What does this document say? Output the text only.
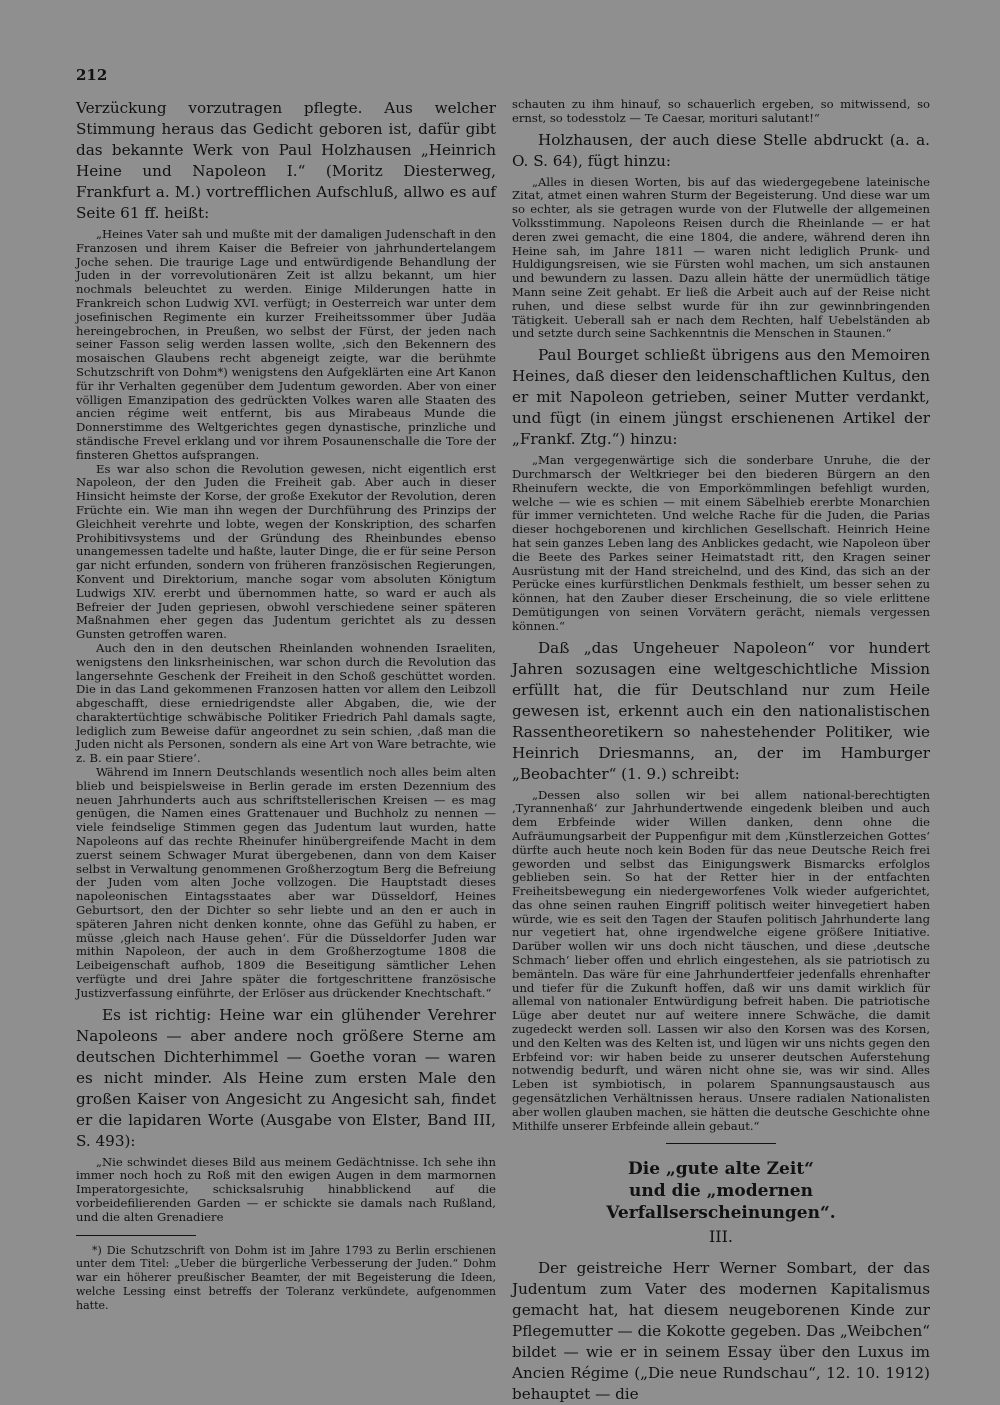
212

Verzückung vorzutragen pflegte. Aus welcher Stimmung heraus das Gedicht geboren ist, dafür gibt das bekannte Werk von Paul Holzhausen „Heinrich Heine und Napoleon I.“ (Moritz Diesterweg, Frankfurt a. M.) vortrefflichen Aufschluß, allwo es auf Seite 61 ff. heißt:

„Heines Vater sah und mußte mit der damaligen Judenschaft in den Franzosen und ihrem Kaiser die Befreier von jahrhundertelangem Joche sehen. Die traurige Lage und entwürdigende Behandlung der Juden in der vorrevolutionären Zeit ist allzu bekannt, um hier nochmals beleuchtet zu werden. Einige Milderungen hatte in Frankreich schon Ludwig XVI. verfügt; in Oesterreich war unter dem josefinischen Regimente ein kurzer Freiheitssommer über Judäa hereingebrochen, in Preußen, wo selbst der Fürst, der jeden nach seiner Fasson selig werden lassen wollte, ‚sich den Bekennern des mosaischen Glaubens recht abgeneigt zeigte, war die berühmte Schutzschrift von Dohm*) wenigstens den Aufgeklärten eine Art Kanon für ihr Verhalten gegenüber dem Judentum geworden. Aber von einer völligen Emanzipation des gedrückten Volkes waren alle Staaten des ancien régime weit entfernt, bis aus Mirabeaus Munde die Donnerstimme des Weltgerichtes gegen dynastische, prinzliche und ständische Frevel erklang und vor ihrem Posaunenschalle die Tore der finsteren Ghettos aufsprangen.

Es war also schon die Revolution gewesen, nicht eigentlich erst Napoleon, der den Juden die Freiheit gab. Aber auch in dieser Hinsicht heimste der Korse, der große Exekutor der Revolution, deren Früchte ein. Wie man ihn wegen der Durchführung des Prinzips der Gleichheit verehrte und lobte, wegen der Konskription, des scharfen Prohibitivsystems und der Gründung des Rheinbundes ebenso unangemessen tadelte und haßte, lauter Dinge, die er für seine Person gar nicht erfunden, sondern von früheren französischen Regierungen, Konvent und Direktorium, manche sogar vom absoluten Königtum Ludwigs XIV. ererbt und übernommen hatte, so ward er auch als Befreier der Juden gepriesen, obwohl verschiedene seiner späteren Maßnahmen eher gegen das Judentum gerichtet als zu dessen Gunsten getroffen waren.

Auch den in den deutschen Rheinlanden wohnenden Israeliten, wenigstens den linksrheinischen, war schon durch die Revolution das langersehnte Geschenk der Freiheit in den Schoß geschüttet worden. Die in das Land gekommenen Franzosen hatten vor allem den Leibzoll abgeschafft, diese erniedrigendste aller Abgaben, die, wie der charaktertüchtige schwäbische Politiker Friedrich Pahl damals sagte, lediglich zum Beweise dafür angeordnet zu sein schien, ‚daß man die Juden nicht als Personen, sondern als eine Art von Ware betrachte, wie z. B. ein paar Stiere‘.

Während im Innern Deutschlands wesentlich noch alles beim alten blieb und beispielsweise in Berlin gerade im ersten Dezennium des neuen Jahrhunderts auch aus schriftstellerischen Kreisen — es mag genügen, die Namen eines Grattenauer und Buchholz zu nennen — viele feindselige Stimmen gegen das Judentum laut wurden, hatte Napoleons auf das rechte Rheinufer hinübergreifende Macht in dem zuerst seinem Schwager Murat übergebenen, dann von dem Kaiser selbst in Verwaltung genommenen Großherzogtum Berg die Befreiung der Juden vom alten Joche vollzogen. Die Hauptstadt dieses napoleonischen Eintagsstaates aber war Düsseldorf, Heines Geburtsort, den der Dichter so sehr liebte und an den er auch in späteren Jahren nicht denken konnte, ohne das Gefühl zu haben, er müsse ‚gleich nach Hause gehen‘. Für die Düsseldorfer Juden war mithin Napoleon, der auch in dem Großherzogtume 1808 die Leibeigenschaft aufhob, 1809 die Beseitigung sämtlicher Lehen verfügte und drei Jahre später die fortgeschrittene französische Justizverfassung einführte, der Erlöser aus drückender Knechtschaft.“

Es ist richtig: Heine war ein glühender Verehrer Napoleons — aber andere noch größere Sterne am deutschen Dichterhimmel — Goethe voran — waren es nicht minder. Als Heine zum ersten Male den großen Kaiser von Angesicht zu Angesicht sah, findet er die lapidaren Worte (Ausgabe von Elster, Band III, S. 493):

„Nie schwindet dieses Bild aus meinem Gedächtnisse. Ich sehe ihn immer noch hoch zu Roß mit den ewigen Augen in dem marmornen Imperatorgesichte, schicksalsruhig hinabblickend auf die vorbeidefilierenden Garden — er schickte sie damals nach Rußland, und die alten Grenadiere

*) Die Schutzschrift von Dohm ist im Jahre 1793 zu Berlin erschienen unter dem Titel: „Ueber die bürgerliche Verbesserung der Juden.“ Dohm war ein höherer preußischer Beamter, der mit Begeisterung die Ideen, welche Lessing einst betreffs der Toleranz verkündete, aufgenommen hatte.

schauten zu ihm hinauf, so schauerlich ergeben, so mitwissend, so ernst, so todesstolz — Te Caesar, morituri salutant!“

Holzhausen, der auch diese Stelle abdruckt (a. a. O. S. 64), fügt hinzu:

„Alles in diesen Worten, bis auf das wiedergegebene lateinische Zitat, atmet einen wahren Sturm der Begeisterung. Und diese war um so echter, als sie getragen wurde von der Flutwelle der allgemeinen Volksstimmung. Napoleons Reisen durch die Rheinlande — er hat deren zwei gemacht, die eine 1804, die andere, während deren ihn Heine sah, im Jahre 1811 — waren nicht lediglich Prunk- und Huldigungsreisen, wie sie Fürsten wohl machen, um sich anstaunen und bewundern zu lassen. Dazu allein hätte der unermüdlich tätige Mann seine Zeit gehabt. Er ließ die Arbeit auch auf der Reise nicht ruhen, und diese selbst wurde für ihn zur gewinnbringenden Tätigkeit. Ueberall sah er nach dem Rechten, half Uebelständen ab und setzte durch seine Sachkenntnis die Menschen in Staunen.“

Paul Bourget schließt übrigens aus den Memoiren Heines, daß dieser den leidenschaftlichen Kultus, den er mit Napoleon getrieben, seiner Mutter verdankt, und fügt (in einem jüngst erschienenen Artikel der „Frankf. Ztg.“) hinzu:

„Man vergegenwärtige sich die sonderbare Unruhe, die der Durchmarsch der Weltkrieger bei den biederen Bürgern an den Rheinufern weckte, die von Emporkömmlingen befehligt wurden, welche — wie es schien — mit einem Säbelhieb ererbte Monarchien für immer vernichteten. Und welche Rache für die Juden, die Parias dieser hochgeborenen und kirchlichen Gesellschaft. Heinrich Heine hat sein ganzes Leben lang des Anblickes gedacht, wie Napoleon über die Beete des Parkes seiner Heimatstadt ritt, den Kragen seiner Ausrüstung mit der Hand streichelnd, und des Kind, das sich an der Perücke eines kurfürstlichen Denkmals festhielt, um besser sehen zu können, hat den Zauber dieser Erscheinung, die so viele erlittene Demütigungen von seinen Vorvätern gerächt, niemals vergessen können.“

Daß „das Ungeheuer Napoleon“ vor hundert Jahren sozusagen eine weltgeschichtliche Mission erfüllt hat, die für Deutschland nur zum Heile gewesen ist, erkennt auch ein den nationalistischen Rassentheoretikern so nahestehender Politiker, wie Heinrich Driesmanns, an, der im Hamburger „Beobachter“ (1. 9.) schreibt:

„Dessen also sollen wir bei allem national-berechtigten ‚Tyrannenhaß‘ zur Jahrhundertwende eingedenk bleiben und auch dem Erbfeinde wider Willen danken, denn ohne die Aufräumungsarbeit der Puppenfigur mit dem ‚Künstlerzeichen Gottes‘ dürfte auch heute noch kein Boden für das neue Deutsche Reich frei geworden und selbst das Einigungswerk Bismarcks erfolglos geblieben sein. So hat der Retter hier in der entfachten Freiheitsbewegung ein niedergeworfenes Volk wieder aufgerichtet, das ohne seinen rauhen Eingriff politisch weiter hinvegetiert haben würde, wie es seit den Tagen der Staufen politisch Jahrhunderte lang nur vegetiert hat, ohne irgendwelche eigene größere Initiative. Darüber wollen wir uns doch nicht täuschen, und diese ‚deutsche Schmach‘ lieber offen und ehrlich eingestehen, als sie patriotisch zu bemänteln. Das wäre für eine Jahrhundertfeier jedenfalls ehrenhafter und tiefer für die Zukunft hoffen, daß wir uns damit wirklich für allemal von nationaler Entwürdigung befreit haben. Die patriotische Lüge aber deutet nur auf weitere innere Schwäche, die damit zugedeckt werden soll. Lassen wir also den Korsen was des Korsen, und den Kelten was des Kelten ist, und lügen wir uns nichts gegen den Erbfeind vor: wir haben beide zu unserer deutschen Auferstehung notwendig bedurft, und wären nicht ohne sie, was wir sind. Alles Leben ist symbiotisch, in polarem Spannungsaustausch aus gegensätzlichen Verhältnissen heraus. Unsere radialen Nationalisten aber wollen glauben machen, sie hätten die deutsche Geschichte ohne Mithilfe unserer Erbfeinde allein gebaut.“

Die „gute alte Zeit“

und die „modernen Verfallserscheinungen“.

III.

Der geistreiche Herr Werner Sombart, der das Judentum zum Vater des modernen Kapitalismus gemacht hat, hat diesem neugeborenen Kinde zur Pflegemutter — die Kokotte gegeben. Das „Weibchen“ bildet — wie er in seinem Essay über den Luxus im Ancien Régime („Die neue Rundschau“, 12. 10. 1912) behauptet — die
